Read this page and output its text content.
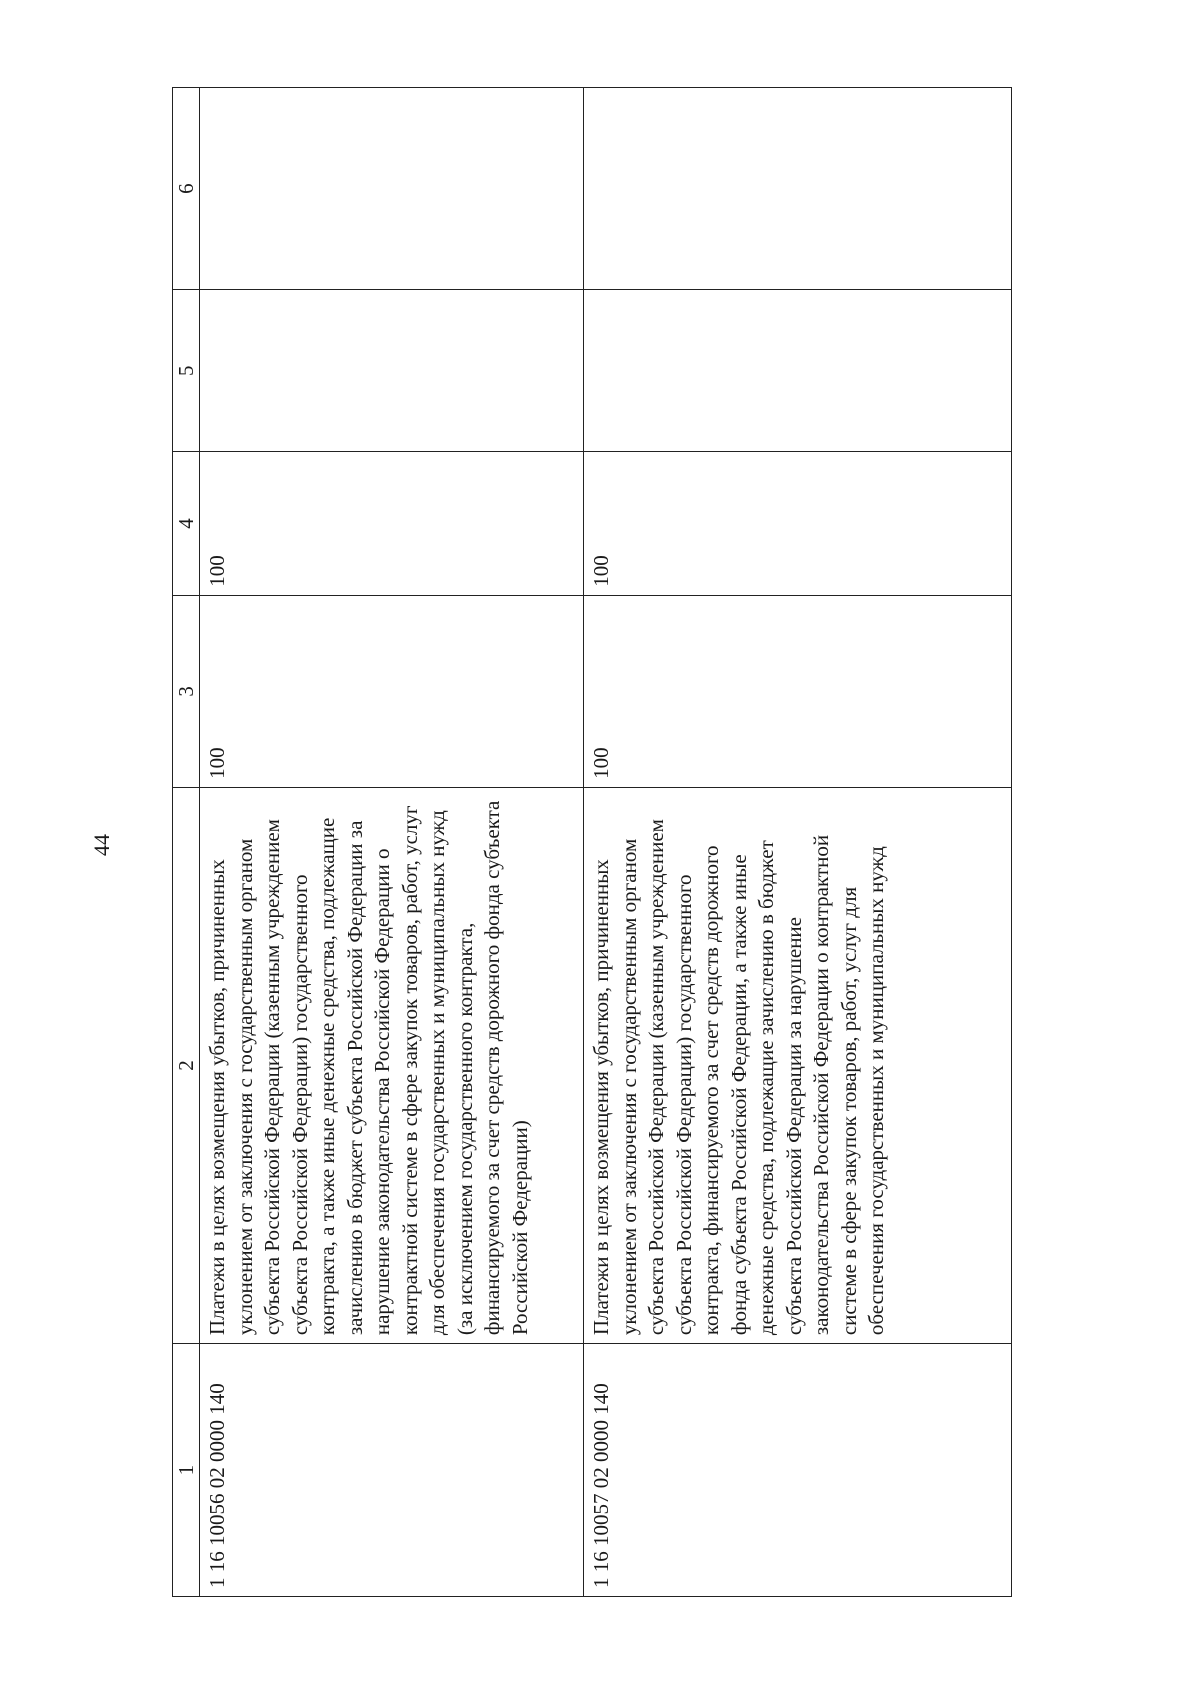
44
1	2	3	4	5	6
1 16 10056 02 0000 140	Платежи в целях возмещения убытков, причиненных уклонением от заключения с государственным органом субъекта Российской Федерации (казенным учреждением субъекта Российской Федерации) государственного контракта, а также иные денежные средства, подлежащие зачислению в бюджет субъекта Российской Федерации за нарушение законодательства Российской Федерации о контрактной системе в сфере закупок товаров, работ, услуг для обеспечения государственных и муниципальных нужд (за исключением государственного контракта, финансируемого за счет средств дорожного фонда субъекта Российской Федерации)	100	100		
1 16 10057 02 0000 140	Платежи в целях возмещения убытков, причиненных уклонением от заключения с государственным органом субъекта Российской Федерации (казенным учреждением субъекта Российской Федерации) государственного контракта, финансируемого за счет средств дорожного фонда субъекта Российской Федерации, а также иные денежные средства, подлежащие зачислению в бюджет субъекта Российской Федерации за нарушение законодательства Российской Федерации о контрактной системе в сфере закупок товаров, работ, услуг для обеспечения государственных и муниципальных нужд	100	100		
